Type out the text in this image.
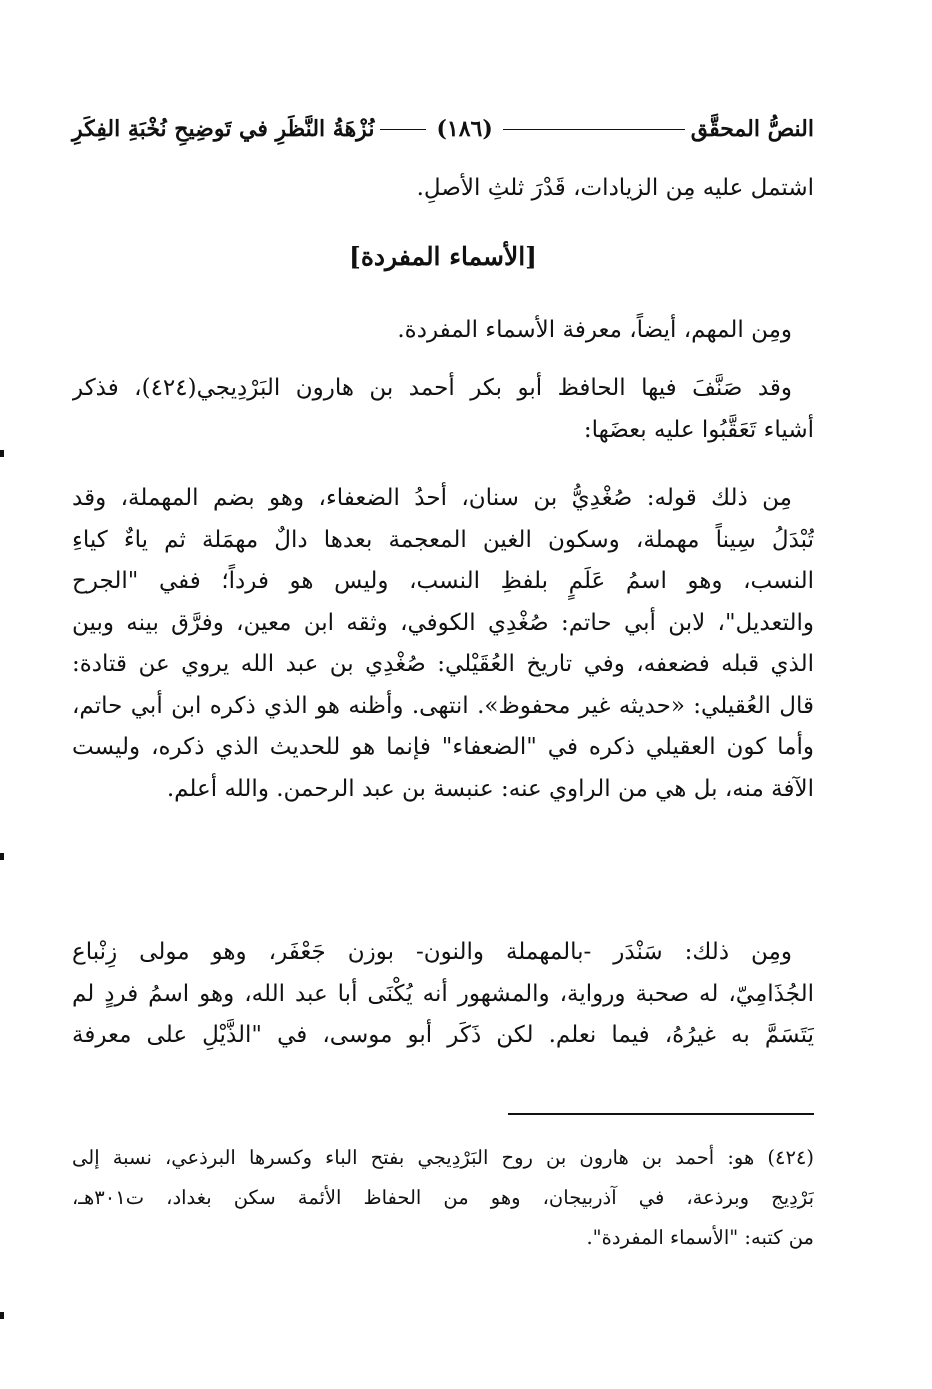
النصُّ المحقَّق
(١٨٦)
نُزْهَةُ النَّظَرِ في تَوضِيحِ نُخْبَةِ الفِكَرِ
اشتمل عليه مِن الزيادات، قَدْرَ ثلثِ الأصلِ.
[الأسماء المفردة]
ومِن المهم، أيضاً، معرفة الأسماء المفردة.
وقد صَنَّفَ فيها الحافظ أبو بكر أحمد بن هارون البَرْدِيجي(٤٢٤)، فذكر
أشياء تَعَقَّبُوا عليه بعضَها:
مِن ذلك قوله: صُغْدِيُّ بن سنان، أحدُ الضعفاء، وهو بضم المهملة، وقد
تُبْدَلُ سِيناً مهملة، وسكون الغين المعجمة بعدها دالٌ مهمَلة ثم ياءٌ كياءِ
النسب، وهو اسمُ عَلَمٍ بلفظِ النسب، وليس هو فرداً؛ ففي "الجرح
والتعديل"، لابن أبي حاتم: صُغْدِي الكوفي، وثقه ابن معين، وفرَّق بينه وبين
الذي قبله فضعفه، وفي تاريخ العُقَيْلي: صُغْدِي بن عبد الله يروي عن قتادة:
قال العُقيلي: «حديثه غير محفوظ». انتهى. وأظنه هو الذي ذكره ابن أبي حاتم،
وأما كون العقيلي ذكره في "الضعفاء" فإنما هو للحديث الذي ذكره، وليست
الآفة منه، بل هي من الراوي عنه: عنبسة بن عبد الرحمن. والله أعلم.
ومِن ذلك: سَنْدَر -بالمهملة والنون- بوزن جَعْفَر، وهو مولى زِنْباع
الجُذَامِيّ، له صحبة ورواية، والمشهور أنه يُكْنَى أبا عبد الله، وهو اسمُ فردٍ لم
يَتَسَمَّ به غيرُهُ، فيما نعلم. لكن ذَكَر أبو موسى، في "الذَّيْلِ على معرفة
(٤٢٤) هو: أحمد بن هارون بن روح البَرْدِيجي بفتح الباء وكسرها البرذعي، نسبة إلى
بَرْدِيج وبرذعة، في آذربيجان، وهو من الحفاظ الأئمة سكن بغداد، ت٣٠١هـ،
من كتبه: "الأسماء المفردة".
